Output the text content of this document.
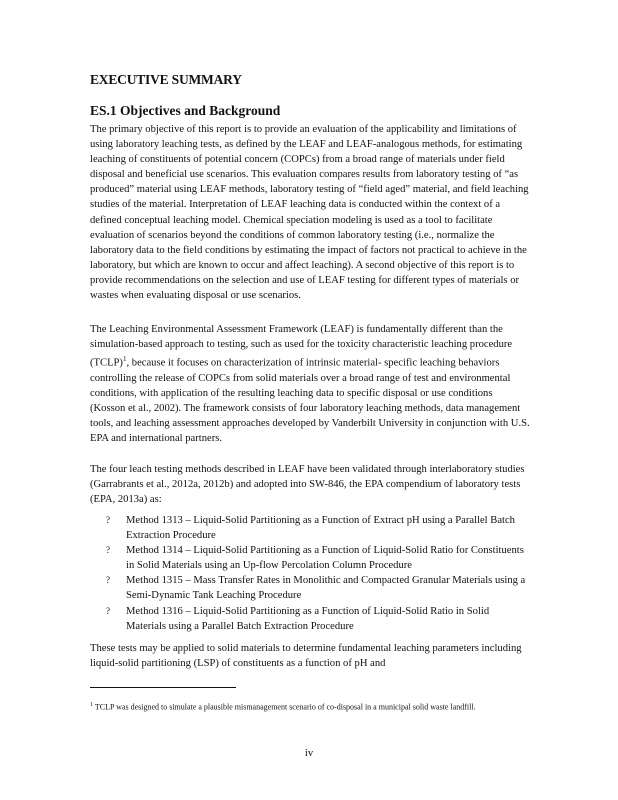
EXECUTIVE SUMMARY
ES.1 Objectives and Background
The primary objective of this report is to provide an evaluation of the applicability and limitations of using laboratory leaching tests, as defined by the LEAF and LEAF-analogous methods, for estimating leaching of constituents of potential concern (COPCs) from a broad range of materials under field disposal and beneficial use scenarios. This evaluation compares results from laboratory testing of “as produced” material using LEAF methods, laboratory testing of “field aged” material, and field leaching studies of the material. Interpretation of LEAF leaching data is conducted within the context of a defined conceptual leaching model. Chemical speciation modeling is used as a tool to facilitate evaluation of scenarios beyond the conditions of common laboratory testing (i.e., normalize the laboratory data to the field conditions by estimating the impact of factors not practical to achieve in the laboratory, but which are known to occur and affect leaching). A second objective of this report is to provide recommendations on the selection and use of LEAF testing for different types of materials or wastes when evaluating disposal or use scenarios.
The Leaching Environmental Assessment Framework (LEAF) is fundamentally different than the simulation-based approach to testing, such as used for the toxicity characteristic leaching procedure (TCLP)$^1$, because it focuses on characterization of intrinsic material- specific leaching behaviors controlling the release of COPCs from solid materials over a broad range of test and environmental conditions, with application of the resulting leaching data to specific disposal or use conditions (Kosson et al., 2002). The framework consists of four laboratory leaching methods, data management tools, and leaching assessment approaches developed by Vanderbilt University in conjunction with U.S. EPA and international partners.
The four leach testing methods described in LEAF have been validated through interlaboratory studies (Garrabrants et al., 2012a, 2012b) and adopted into SW-846, the EPA compendium of laboratory tests (EPA, 2013a) as:
? Method 1313 – Liquid-Solid Partitioning as a Function of Extract pH using a Parallel Batch Extraction Procedure
? Method 1314 – Liquid-Solid Partitioning as a Function of Liquid-Solid Ratio for Constituents in Solid Materials using an Up-flow Percolation Column Procedure
? Method 1315 – Mass Transfer Rates in Monolithic and Compacted Granular Materials using a Semi-Dynamic Tank Leaching Procedure
? Method 1316 – Liquid-Solid Partitioning as a Function of Liquid-Solid Ratio in Solid Materials using a Parallel Batch Extraction Procedure
These tests may be applied to solid materials to determine fundamental leaching parameters including liquid-solid partitioning (LSP) of constituents as a function of pH and
$^1$ TCLP was designed to simulate a plausible mismanagement scenario of co-disposal in a municipal solid waste landfill.
iv
